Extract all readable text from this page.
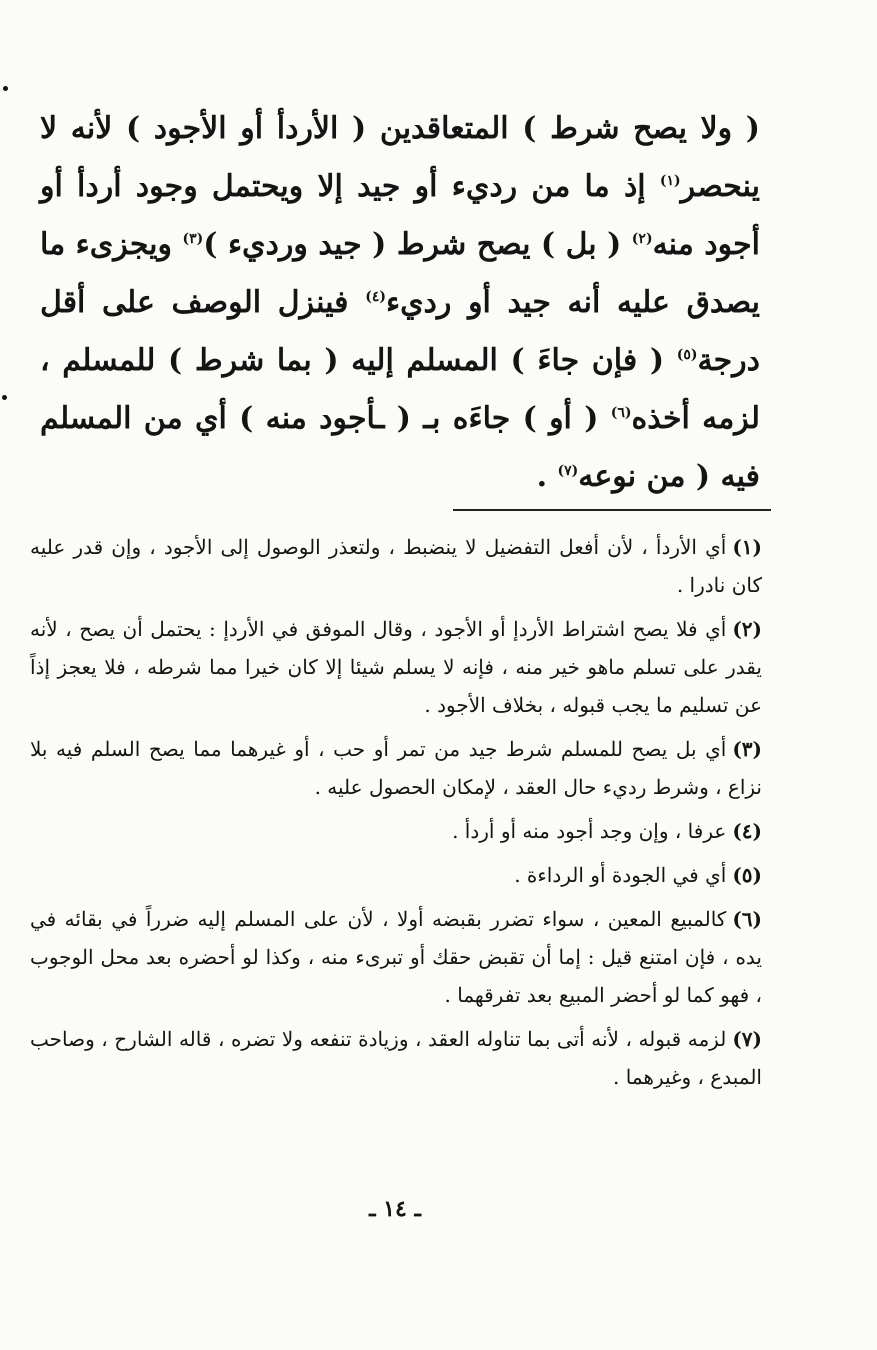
( ولا يصح شرط ) المتعاقدين ( الأردأ أو الأجود ) لأنه لا ينحصر$^{(١)}$ إذ ما من رديء أو جيد إلا ويحتمل وجود أردأ أو أجود منه$^{(٢)}$ ( بل ) يصح شرط ( جيد ورديء )$^{(٣)}$ ويجزىء ما يصدق عليه أنه جيد أو رديء$^{(٤)}$ فينزل الوصف على أقل درجة$^{(٥)}$ ( فإن جاءَ ) المسلم إليه ( بما شرط ) للمسلم ، لزمه أخذه$^{(٦)}$ ( أو ) جاءَه بـ ( ـأجود منه ) أي من المسلم فيه ( من نوعه$^{(٧)}$ .

(١)أي الأردأ ، لأن أفعل التفضيل لا ينضبط ، ولتعذر الوصول إلى الأجود ، وإن قدر عليه كان نادرا .

(٢)أي فلا يصح اشتراط الأردإ أو الأجود ، وقال الموفق في الأردإ : يحتمل أن يصح ، لأنه يقدر على تسلم ماهو خير منه ، فإنه لا يسلم شيئا إلا كان خيرا مما شرطه ، فلا يعجز إذاً عن تسليم ما يجب قبوله ، بخلاف الأجود .

(٣)أي بل يصح للمسلم شرط جيد من تمر أو حب ، أو غيرهما مما يصح السلم فيه بلا نزاع ، وشرط رديء حال العقد ، لإمكان الحصول عليه .

(٤)عرفا ، وإن وجد أجود منه أو أردأ .

(٥)أي في الجودة أو الرداءة .

(٦)كالمبيع المعين ، سواء تضرر بقبضه أولا ، لأن على المسلم إليه ضرراً في بقائه في يده ، فإن امتنع قيل : إما أن تقبض حقك أو تبرىء منه ، وكذا لو أحضره بعد محل الوجوب ، فهو كما لو أحضر المبيع بعد تفرقهما .

(٧)لزمه قبوله ، لأنه أتى بما تناوله العقد ، وزيادة تنفعه ولا تضره ، قاله الشارح ، وصاحب المبدع ، وغيرهما .

ـ ١٤ ـ
